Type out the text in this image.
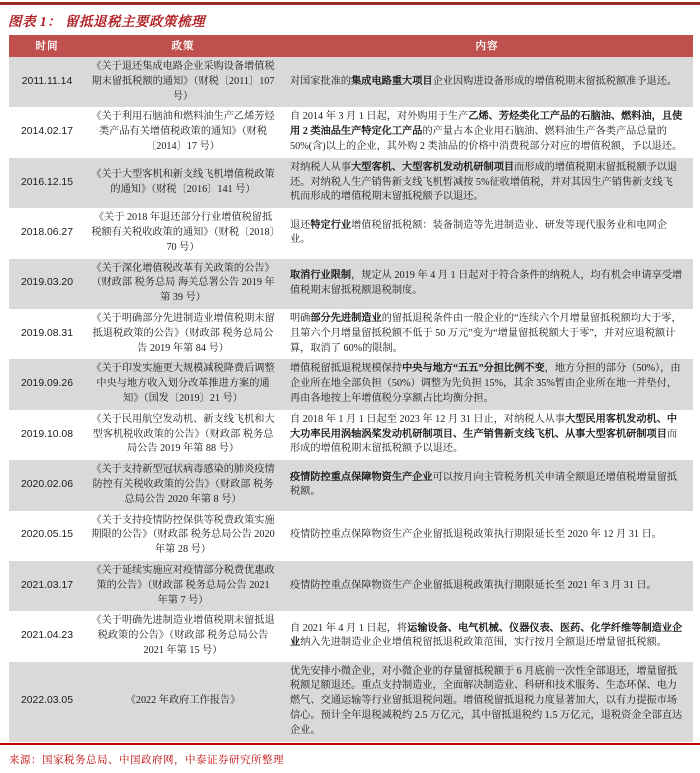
图表 1： 留抵退税主要政策梳理
时间	政策	内容
2011.11.14	《关于退还集成电路企业采购设备增值税期末留抵税额的通知》（财税〔2011〕107 号）	对国家批准的集成电路重大项目企业因购进设备形成的增值税期末留抵税额准予退还。
2014.02.17	《关于利用石脑油和燃料油生产乙烯芳烃类产品有关增值税政策的通知》（财税〔2014〕17 号）	自 2014 年 3 月 1 日起，对外购用于生产乙烯、芳烃类化工产品的石脑油、燃料油，且使用 2 类油品生产特定化工产品的产量占本企业用石脑油、燃料油生产各类产品总量的 50%(含)以上的企业，其外购 2 类油品的价格中消费税部分对应的增值税额，予以退还。
2016.12.15	《关于大型客机和新支线飞机增值税政策的通知》（财税〔2016〕141 号）	对纳税人从事大型客机、大型客机发动机研制项目而形成的增值税期末留抵税额予以退还。对纳税人生产销售新支线飞机暂减按 5%征收增值税，并对其因生产销售新支线飞机而形成的增值税期末留抵税额予以退还。
2018.06.27	《关于 2018 年退还部分行业增值税留抵税额有关税收政策的通知》（财税〔2018〕70 号）	退还特定行业增值税留抵税额：装备制造等先进制造业、研发等现代服务业和电网企业。
2019.03.20	《关于深化增值税改革有关政策的公告》（财政部 税务总局 海关总署公告 2019 年第 39 号）	取消行业限制，规定从 2019 年 4 月 1 日起对于符合条件的纳税人，均有机会申请享受增值税期末留抵税额退税制度。
2019.08.31	《关于明确部分先进制造业增值税期末留抵退税政策的公告》（财政部 税务总局公告 2019 年第 84 号）	明确部分先进制造业的留抵退税条件由一般企业的“连续六个月增量留抵税额均大于零，且第六个月增量留抵税额不低于 50 万元”变为“增量留抵税额大于零”，并对应退税额计算，取消了 60%的限制。
2019.09.26	《关于印发实施更大规模减税降费后调整中央与地方收入划分改革推进方案的通知》（国发〔2019〕21 号）	增值税留抵退税规模保持中央与地方“五五”分担比例不变，地方分担的部分（50%），由企业所在地全部负担（50%）调整为先负担 15%，其余 35%暂由企业所在地一并垫付，再由各地按上年增值税分享额占比均衡分担。
2019.10.08	《关于民用航空发动机、新支线飞机和大型客机税收政策的公告》（财政部 税务总局公告 2019 年第 88 号）	自 2018 年 1 月 1 日起至 2023 年 12 月 31 日止，对纳税人从事大型民用客机发动机、中大功率民用涡轴涡桨发动机研制项目、生产销售新支线飞机、从事大型客机研制项目而形成的增值税期末留抵税额予以退还。
2020.02.06	《关于支持新型冠状病毒感染的肺炎疫情防控有关税收政策的公告》（财政部 税务总局公告 2020 年第 8 号）	疫情防控重点保障物资生产企业可以按月向主管税务机关申请全额退还增值税增量留抵税额。
2020.05.15	《关于支持疫情防控保供等税费政策实施期限的公告》（财政部 税务总局公告 2020 年第 28 号）	疫情防控重点保障物资生产企业留抵退税政策执行期限延长至 2020 年 12 月 31 日。
2021.03.17	《关于延续实施应对疫情部分税费优惠政策的公告》（财政部 税务总局公告 2021 年第 7 号）	疫情防控重点保障物资生产企业留抵退税政策执行期限延长至 2021 年 3 月 31 日。
2021.04.23	《关于明确先进制造业增值税期末留抵退税政策的公告》（财政部 税务总局公告 2021 年第 15 号）	自 2021 年 4 月 1 日起，将运输设备、电气机械、仪器仪表、医药、化学纤维等制造业企业纳入先进制造业企业增值税留抵退税政策范围，实行按月全额退还增量留抵税额。
2022.03.05	《2022 年政府工作报告》	优先安排小微企业，对小微企业的存量留抵税额于 6 月底前一次性全部退还，增量留抵税额足额退还。重点支持制造业，全面解决制造业、科研和技术服务、生态环保、电力燃气、交通运输等行业留抵退税问题。增值税留抵退税力度显著加大，以有力提振市场信心。预计全年退税减税约 2.5 万亿元，其中留抵退税约 1.5 万亿元，退税资金全部直达企业。
来源：国家税务总局、中国政府网，中泰证券研究所整理
